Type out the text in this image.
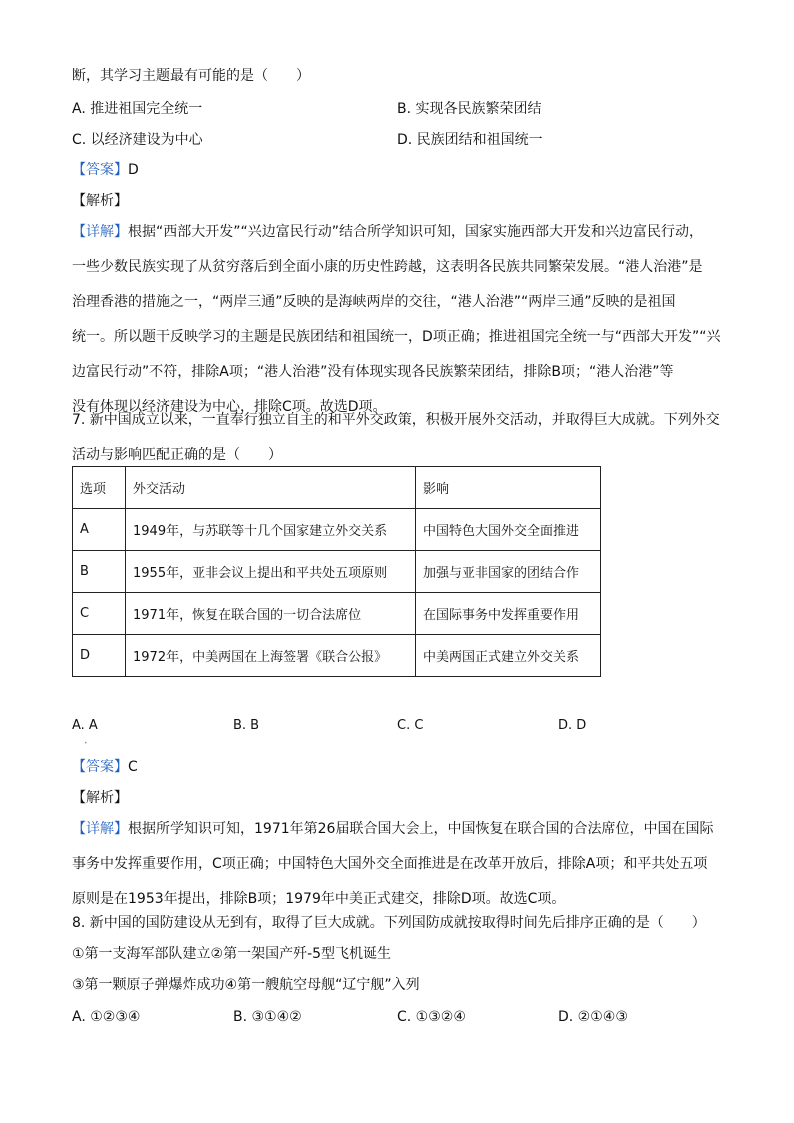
断，其学习主题最有可能的是（　　）
A. 推进祖国完全统一	B. 实现各民族繁荣团结
C. 以经济建设为中心	D. 民族团结和祖国统一
【答案】D
【解析】
【详解】根据“西部大开发”“兴边富民行动”结合所学知识可知，国家实施西部大开发和兴边富民行动，
一些少数民族实现了从贫穷落后到全面小康的历史性跨越，这表明各民族共同繁荣发展。“港人治港”是
治理香港的措施之一，“两岸三通”反映的是海峡两岸的交往，“港人治港”“两岸三通”反映的是祖国
统一。所以题干反映学习的主题是民族团结和祖国统一，D项正确；推进祖国完全统一与“西部大开发”“兴
边富民行动”不符，排除A项；“港人治港”没有体现实现各民族繁荣团结，排除B项；“港人治港”等
没有体现以经济建设为中心，排除C项。故选D项。
7. 新中国成立以来，一直奉行独立自主的和平外交政策，积极开展外交活动，并取得巨大成就。下列外交
活动与影响匹配正确的是（　　）
选项	外交活动	影响
A	1949年，与苏联等十几个国家建立外交关系	中国特色大国外交全面推进
B	1955年，亚非会议上提出和平共处五项原则	加强与亚非国家的团结合作
C	1971年，恢复在联合国的一切合法席位	在国际事务中发挥重要作用
D	1972年，中美两国在上海签署《联合公报》	中美两国正式建立外交关系
A. A	B. B	C. C	D. D
•
【答案】C
【解析】
【详解】根据所学知识可知，1971年第26届联合国大会上，中国恢复在联合国的合法席位，中国在国际
事务中发挥重要作用，C项正确；中国特色大国外交全面推进是在改革开放后，排除A项；和平共处五项
原则是在1953年提出，排除B项；1979年中美正式建交，排除D项。故选C项。
8. 新中国的国防建设从无到有，取得了巨大成就。下列国防成就按取得时间先后排序正确的是（　　）
①第一支海军部队建立②第一架国产歼-5型飞机诞生
③第一颗原子弹爆炸成功④第一艘航空母舰“辽宁舰”入列
A. ①②③④	B. ③①④②	C. ①③②④	D. ②①④③
